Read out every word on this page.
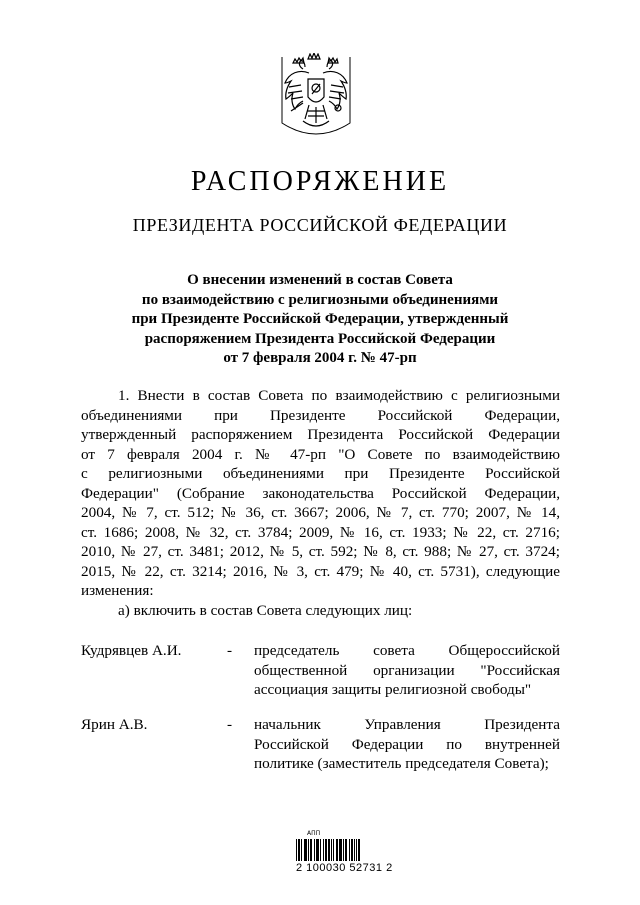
РАСПОРЯЖЕНИЕ
ПРЕЗИДЕНТА РОССИЙСКОЙ ФЕДЕРАЦИИ
О внесении изменений в состав Совета
по взаимодействию с религиозными объединениями
при Президенте Российской Федерации, утвержденный
распоряжением Президента Российской Федерации
от 7 февраля 2004 г. № 47-рп
1. Внести в состав Совета по взаимодействию с религиозными
объединениями при Президенте Российской Федерации,
утвержденный распоряжением Президента Российской Федерации
от 7 февраля 2004 г. № 47-рп "О Совете по взаимодействию
с религиозными объединениями при Президенте Российской
Федерации" (Собрание законодательства Российской Федерации,
2004, № 7, ст. 512; № 36, ст. 3667; 2006, № 7, ст. 770; 2007, № 14,
ст. 1686; 2008, № 32, ст. 3784; 2009, № 16, ст. 1933; № 22, ст. 2716;
2010, № 27, ст. 3481; 2012, № 5, ст. 592; № 8, ст. 988; № 27, ст. 3724;
2015, № 22, ст. 3214; 2016, № 3, ст. 479; № 40, ст. 5731), следующие
изменения:
а) включить в состав Совета следующих лиц:
Кудрявцев А.И.	- председатель совета Общероссийской
общественной организации "Российская
ассоциация защиты религиозной свободы"
Ярин А.В.	- начальник Управления Президента
Российской Федерации по внутренней
политике (заместитель председателя Совета);
АПП
2 100030 52731 2
